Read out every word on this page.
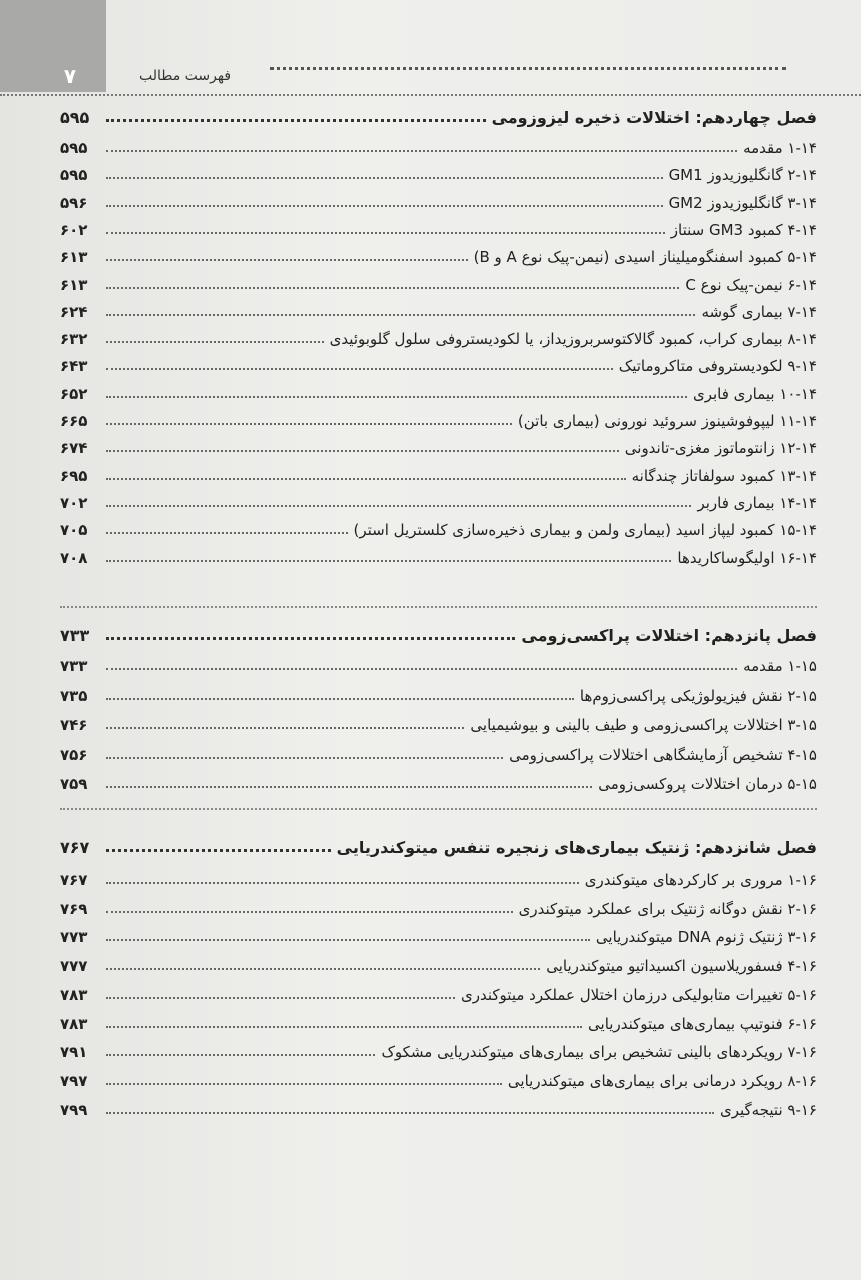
۷	فهرست مطالب
فصل چهاردهم: اختلالات ذخیره لیزوزومی
۵۹۵
۱-۱۴ مقدمه
۵۹۵
۲-۱۴ گانگلیوزیدوز GM1
۵۹۵
۳-۱۴ گانگلیوزیدوز GM2
۵۹۶
۴-۱۴ کمبود GM3 سنتاز
۶۰۲
۵-۱۴ کمبود اسفنگومیلیناز اسیدی (نیمن-پیک نوع A و B)
۶۱۳
۶-۱۴ نیمن-پیک نوع C
۶۱۳
۷-۱۴ بیماری گوشه
۶۲۴
۸-۱۴ بیماری کراب، کمبود گالاکتوسربروزیداز، یا لکودیستروفی سلول گلوبوئیدی
۶۳۲
۹-۱۴ لکودیستروفی متاکروماتیک
۶۴۳
۱۰-۱۴ بیماری فابری
۶۵۲
۱۱-۱۴ لیپوفوشینوز سروئید نورونی (بیماری باتن)
۶۶۵
۱۲-۱۴ زانتوماتوز مغزی-تاندونی
۶۷۴
۱۳-۱۴ کمبود سولفاتاز چندگانه
۶۹۵
۱۴-۱۴ بیماری فاربر
۷۰۲
۱۵-۱۴ کمبود لیپاز اسید (بیماری ولمن و بیماری ذخیره‌سازی کلستریل استر)
۷۰۵
۱۶-۱۴ اولیگوساکاریدها
۷۰۸
فصل پانزدهم: اختلالات پراکسی‌زومی
۷۳۳
۱-۱۵ مقدمه
۷۳۳
۲-۱۵ نقش فیزیولوژیکی پراکسی‌زوم‌ها
۷۳۵
۳-۱۵ اختلالات پراکسی‌زومی و طیف بالینی و بیوشیمیایی
۷۴۶
۴-۱۵ تشخیص آزمایشگاهی اختلالات پراکسی‌زومی
۷۵۶
۵-۱۵ درمان اختلالات پروکسی‌زومی
۷۵۹
فصل شانزدهم: ژنتیک بیماری‌های زنجیره تنفس میتوکندریایی
۷۶۷
۱-۱۶ مروری بر کارکردهای میتوکندری
۷۶۷
۲-۱۶ نقش دوگانه ژنتیک برای عملکرد میتوکندری
۷۶۹
۳-۱۶ ژنتیک ژنوم DNA میتوکندریایی
۷۷۳
۴-۱۶ فسفوریلاسیون اکسیداتیو میتوکندریایی
۷۷۷
۵-۱۶ تغییرات متابولیکی درزمان اختلال عملکرد میتوکندری
۷۸۳
۶-۱۶ فنوتیپ بیماری‌های میتوکندریایی
۷۸۳
۷-۱۶ رویکردهای بالینی تشخیص برای بیماری‌های میتوکندریایی مشکوک
۷۹۱
۸-۱۶ رویکرد درمانی برای بیماری‌های میتوکندریایی
۷۹۷
۹-۱۶ نتیجه‌گیری
۷۹۹
